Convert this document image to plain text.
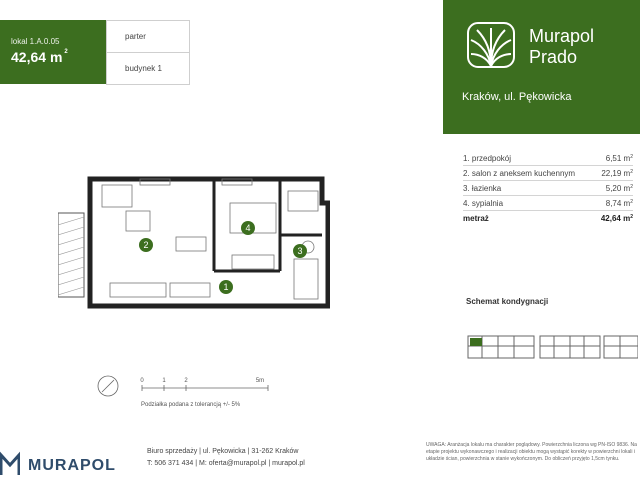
lokal 1.A.0.05
42,64 m $^2$
parter
budynek 1
Murapol
Prado
Kraków, ul. Pękowicka
1. przedpokój	6,51 $m^2$
2. salon z aneksem kuchennym	22,19 $m^2$
3. łazienka	5,20 $m^2$
4. sypialnia	8,74 $m^2$
metraż	42,64 $m^2$
Schemat kondygnacji
1
2
3
4
0	1	2	5m
Podziałka podana z tolerancją +/- 5%
MURAPOL
Biuro sprzedaży | ul. Pękowicka | 31-262 Kraków
T: 506 371 434 | M: oferta@murapol.pl | murapol.pl
UWAGA: Aranżacja lokalu ma charakter poglądowy. Powierzchnia liczona wg PN-ISO 9836. Na etapie projektu wykonawczego i realizacji obiektu mogą wystąpić korekty w powierzchni lokali i układzie ścian, powierzchnia w stanie wykończonym. Do obliczeń przyjęto 1,5cm tynku.
